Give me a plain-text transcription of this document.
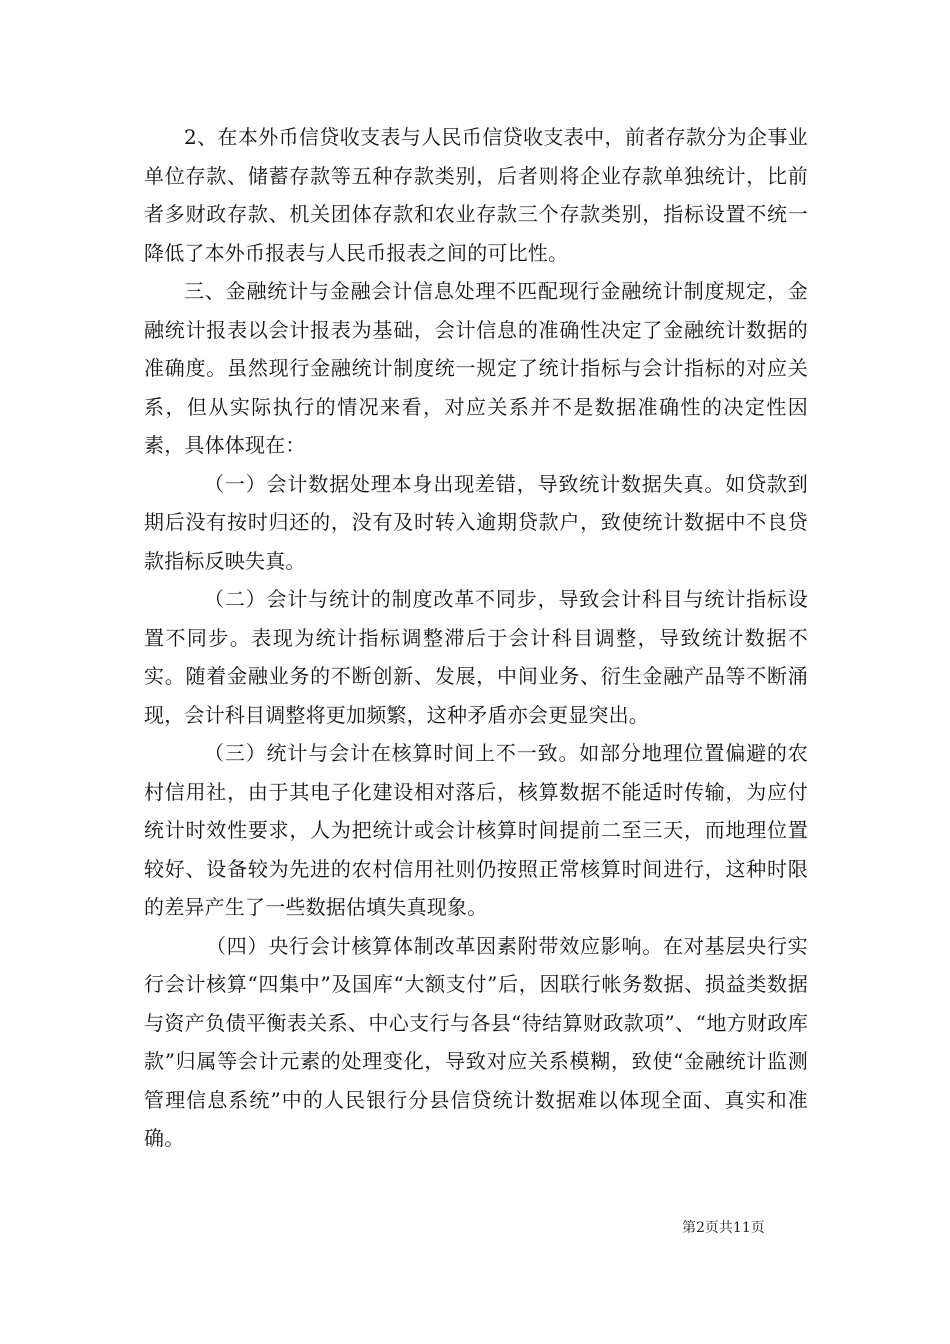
2、在本外币信贷收支表与人民币信贷收支表中，前者存款分为企事业单位存款、储蓄存款等五种存款类别，后者则将企业存款单独统计，比前者多财政存款、机关团体存款和农业存款三个存款类别，指标设置不统一降低了本外币报表与人民币报表之间的可比性。

三、金融统计与金融会计信息处理不匹配现行金融统计制度规定，金融统计报表以会计报表为基础，会计信息的准确性决定了金融统计数据的准确度。虽然现行金融统计制度统一规定了统计指标与会计指标的对应关系，但从实际执行的情况来看，对应关系并不是数据准确性的决定性因素，具体体现在：

（一）会计数据处理本身出现差错，导致统计数据失真。如贷款到期后没有按时归还的，没有及时转入逾期贷款户，致使统计数据中不良贷款指标反映失真。

（二）会计与统计的制度改革不同步，导致会计科目与统计指标设置不同步。表现为统计指标调整滞后于会计科目调整，导致统计数据不实。随着金融业务的不断创新、发展，中间业务、衍生金融产品等不断涌现，会计科目调整将更加频繁，这种矛盾亦会更显突出。

（三）统计与会计在核算时间上不一致。如部分地理位置偏避的农村信用社，由于其电子化建设相对落后，核算数据不能适时传输，为应付统计时效性要求，人为把统计或会计核算时间提前二至三天，而地理位置较好、设备较为先进的农村信用社则仍按照正常核算时间进行，这种时限的差异产生了一些数据估填失真现象。

（四）央行会计核算体制改革因素附带效应影响。在对基层央行实行会计核算“四集中”及国库“大额支付”后，因联行帐务数据、损益类数据与资产负债平衡表关系、中心支行与各县“待结算财政款项”、“地方财政库款”归属等会计元素的处理变化，导致对应关系模糊，致使“金融统计监测管理信息系统”中的人民银行分县信贷统计数据难以体现全面、真实和准确。

第2页共11页
